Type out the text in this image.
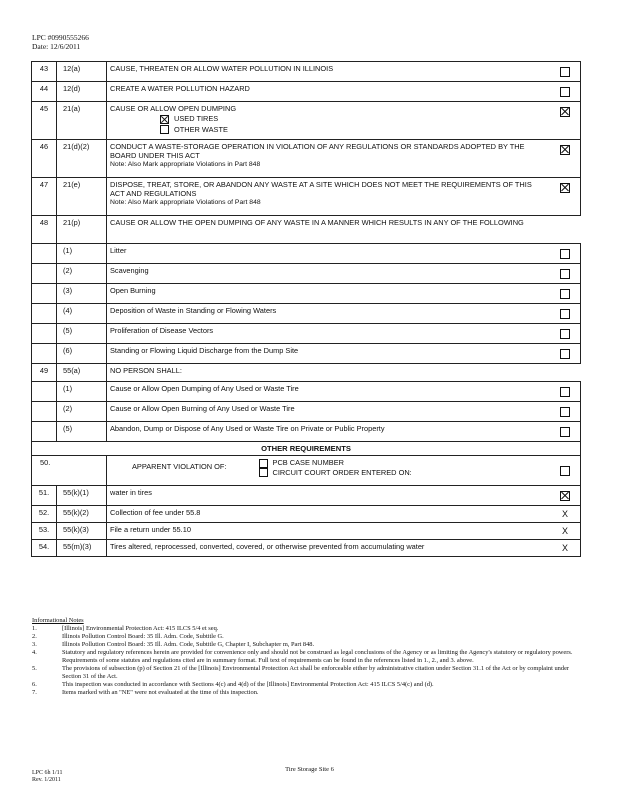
LPC #0990555266
Date: 12/6/2011
43	12(a)	CAUSE, THREATEN OR ALLOW WATER POLLUTION IN ILLINOIS	
44	12(d)	CREATE A WATER POLLUTION HAZARD	
45	21(a)	CAUSE OR ALLOW OPEN DUMPING
USED TIRES
OTHER WASTE	

46	21(d)(2)	CONDUCT A WASTE-STORAGE OPERATION IN VIOLATION OF ANY REGULATIONS OR STANDARDS ADOPTED BY THE BOARD UNDER THIS ACT
Note: Also Mark appropriate Violations in Part 848	

47	21(e)	DISPOSE, TREAT, STORE, OR ABANDON ANY WASTE AT A SITE WHICH DOES NOT MEET THE REQUIREMENTS OF THIS ACT AND REGULATIONS
Note: Also Mark appropriate Violations of Part 848	

48	21(p)	CAUSE OR ALLOW THE OPEN DUMPING OF ANY WASTE IN A MANNER WHICH RESULTS IN ANY OF THE FOLLOWING	
	(1)	Litter	
	(2)	Scavenging	
	(3)	Open Burning	
	(4)	Deposition of Waste in Standing or Flowing Waters	
	(5)	Proliferation of Disease Vectors	
	(6)	Standing or Flowing Liquid Discharge from the Dump Site	
49	55(a)	NO PERSON SHALL:	
	(1)	Cause or Allow Open Dumping of Any Used or Waste Tire	
	(2)	Cause or Allow Open Burning of Any Used or Waste Tire	
	(5)	Abandon, Dump or Dispose of Any Used or Waste Tire on Private or Public Property	
OTHER REQUIREMENTS			
50.		APPARENT VIOLATION OF: PCB CASE NUMBER
CIRCUIT COURT ORDER ENTERED ON:	

51.	55(k)(1)	water in tires	
52.	55(k)(2)	Collection of fee under 55.8	X
53.	55(k)(3)	File a return under 55.10	X
54.	55(m)(3)	Tires altered, reprocessed, converted, covered, or otherwise prevented from accumulating water	X
Informational Notes
1.	[Illinois] Environmental Protection Act: 415 ILCS 5/4 et seq.
2.	Illinois Pollution Control Board: 35 Ill. Adm. Code, Subtitle G.
3.	Illinois Pollution Control Board: 35 Ill. Adm. Code, Subtitle G, Chapter I, Subchapter m, Part 848.
4.	Statutory and regulatory references herein are provided for convenience only and should not be construed as legal conclusions of the Agency or as limiting the Agency's statutory or regulatory powers. Requirements of some statutes and regulations cited are in summary format. Full text of requirements can be found in the references listed in 1., 2., and 3. above.
5.	The provisions of subsection (p) of Section 21 of the [Illinois] Environmental Protection Act shall be enforceable either by administrative citation under Section 31.1 of the Act or by complaint under Section 31 of the Act.
6.	This inspection was conducted in accordance with Sections 4(c) and 4(d) of the [Illinois] Environmental Protection Act: 415 ILCS 5/4(c) and (d).
7.	Items marked with an "NE" were not evaluated at the time of this inspection.
LPC 6h 1/11
Rev. 1/2011
Tire Storage Site 6
